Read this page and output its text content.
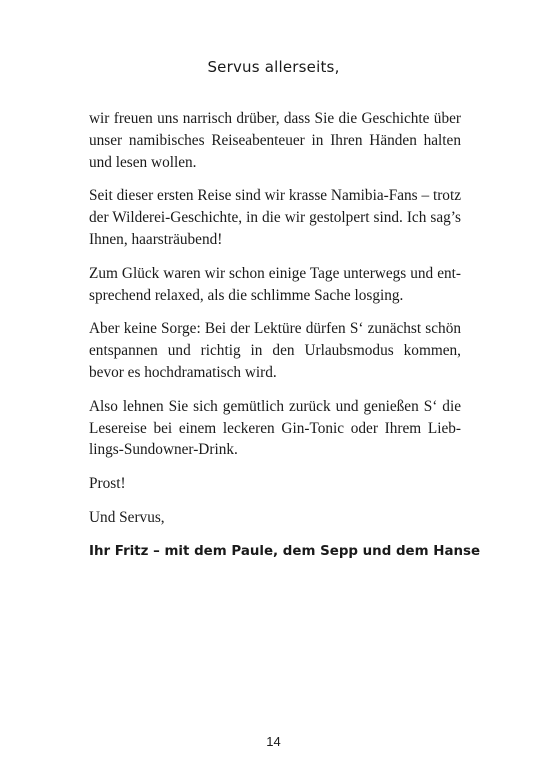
Servus allerseits,

wir freuen uns narrisch drüber, dass Sie die Geschichte über unser namibisches Reiseabenteuer in Ihren Händen halten und lesen wollen.

Seit dieser ersten Reise sind wir krasse Namibia-Fans – trotz der Wilderei-Geschichte, in die wir gestolpert sind. Ich sag’s Ihnen, haarsträubend!

Zum Glück waren wir schon einige Tage unterwegs und entsprechend relaxed, als die schlimme Sache losging.

Aber keine Sorge: Bei der Lektüre dürfen S‘ zunächst schön entspannen und richtig in den Urlaubsmodus kommen, bevor es hochdramatisch wird.

Also lehnen Sie sich gemütlich zurück und genießen S‘ die Lesereise bei einem leckeren Gin-Tonic oder Ihrem Lieblings-Sundowner-Drink.

Prost!

Und Servus,

Ihr Fritz – mit dem Paule, dem Sepp und dem Hanse
14
